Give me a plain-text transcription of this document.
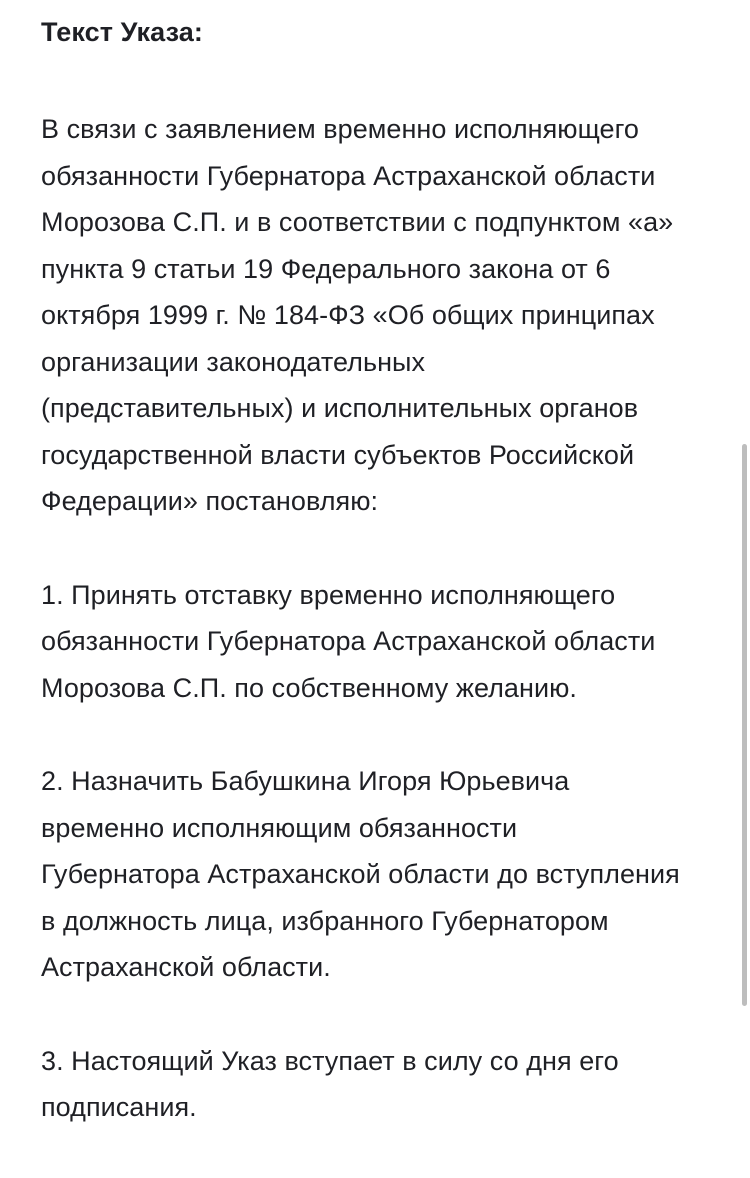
Текст Указа:

В связи с заявлением временно исполняющего
обязанности Губернатора Астраханской области
Морозова С.П. и в соответствии с подпунктом «а»
пункта 9 статьи 19 Федерального закона от 6
октября 1999 г. № 184-ФЗ «Об общих принципах
организации законодательных
(представительных) и исполнительных органов
государственной власти субъектов Российской
Федерации» постановляю:

1. Принять отставку временно исполняющего
обязанности Губернатора Астраханской области
Морозова С.П. по собственному желанию.

2. Назначить Бабушкина Игоря Юрьевича
временно исполняющим обязанности
Губернатора Астраханской области до вступления
в должность лица, избранного Губернатором
Астраханской области.

3. Настоящий Указ вступает в силу со дня его
подписания.
